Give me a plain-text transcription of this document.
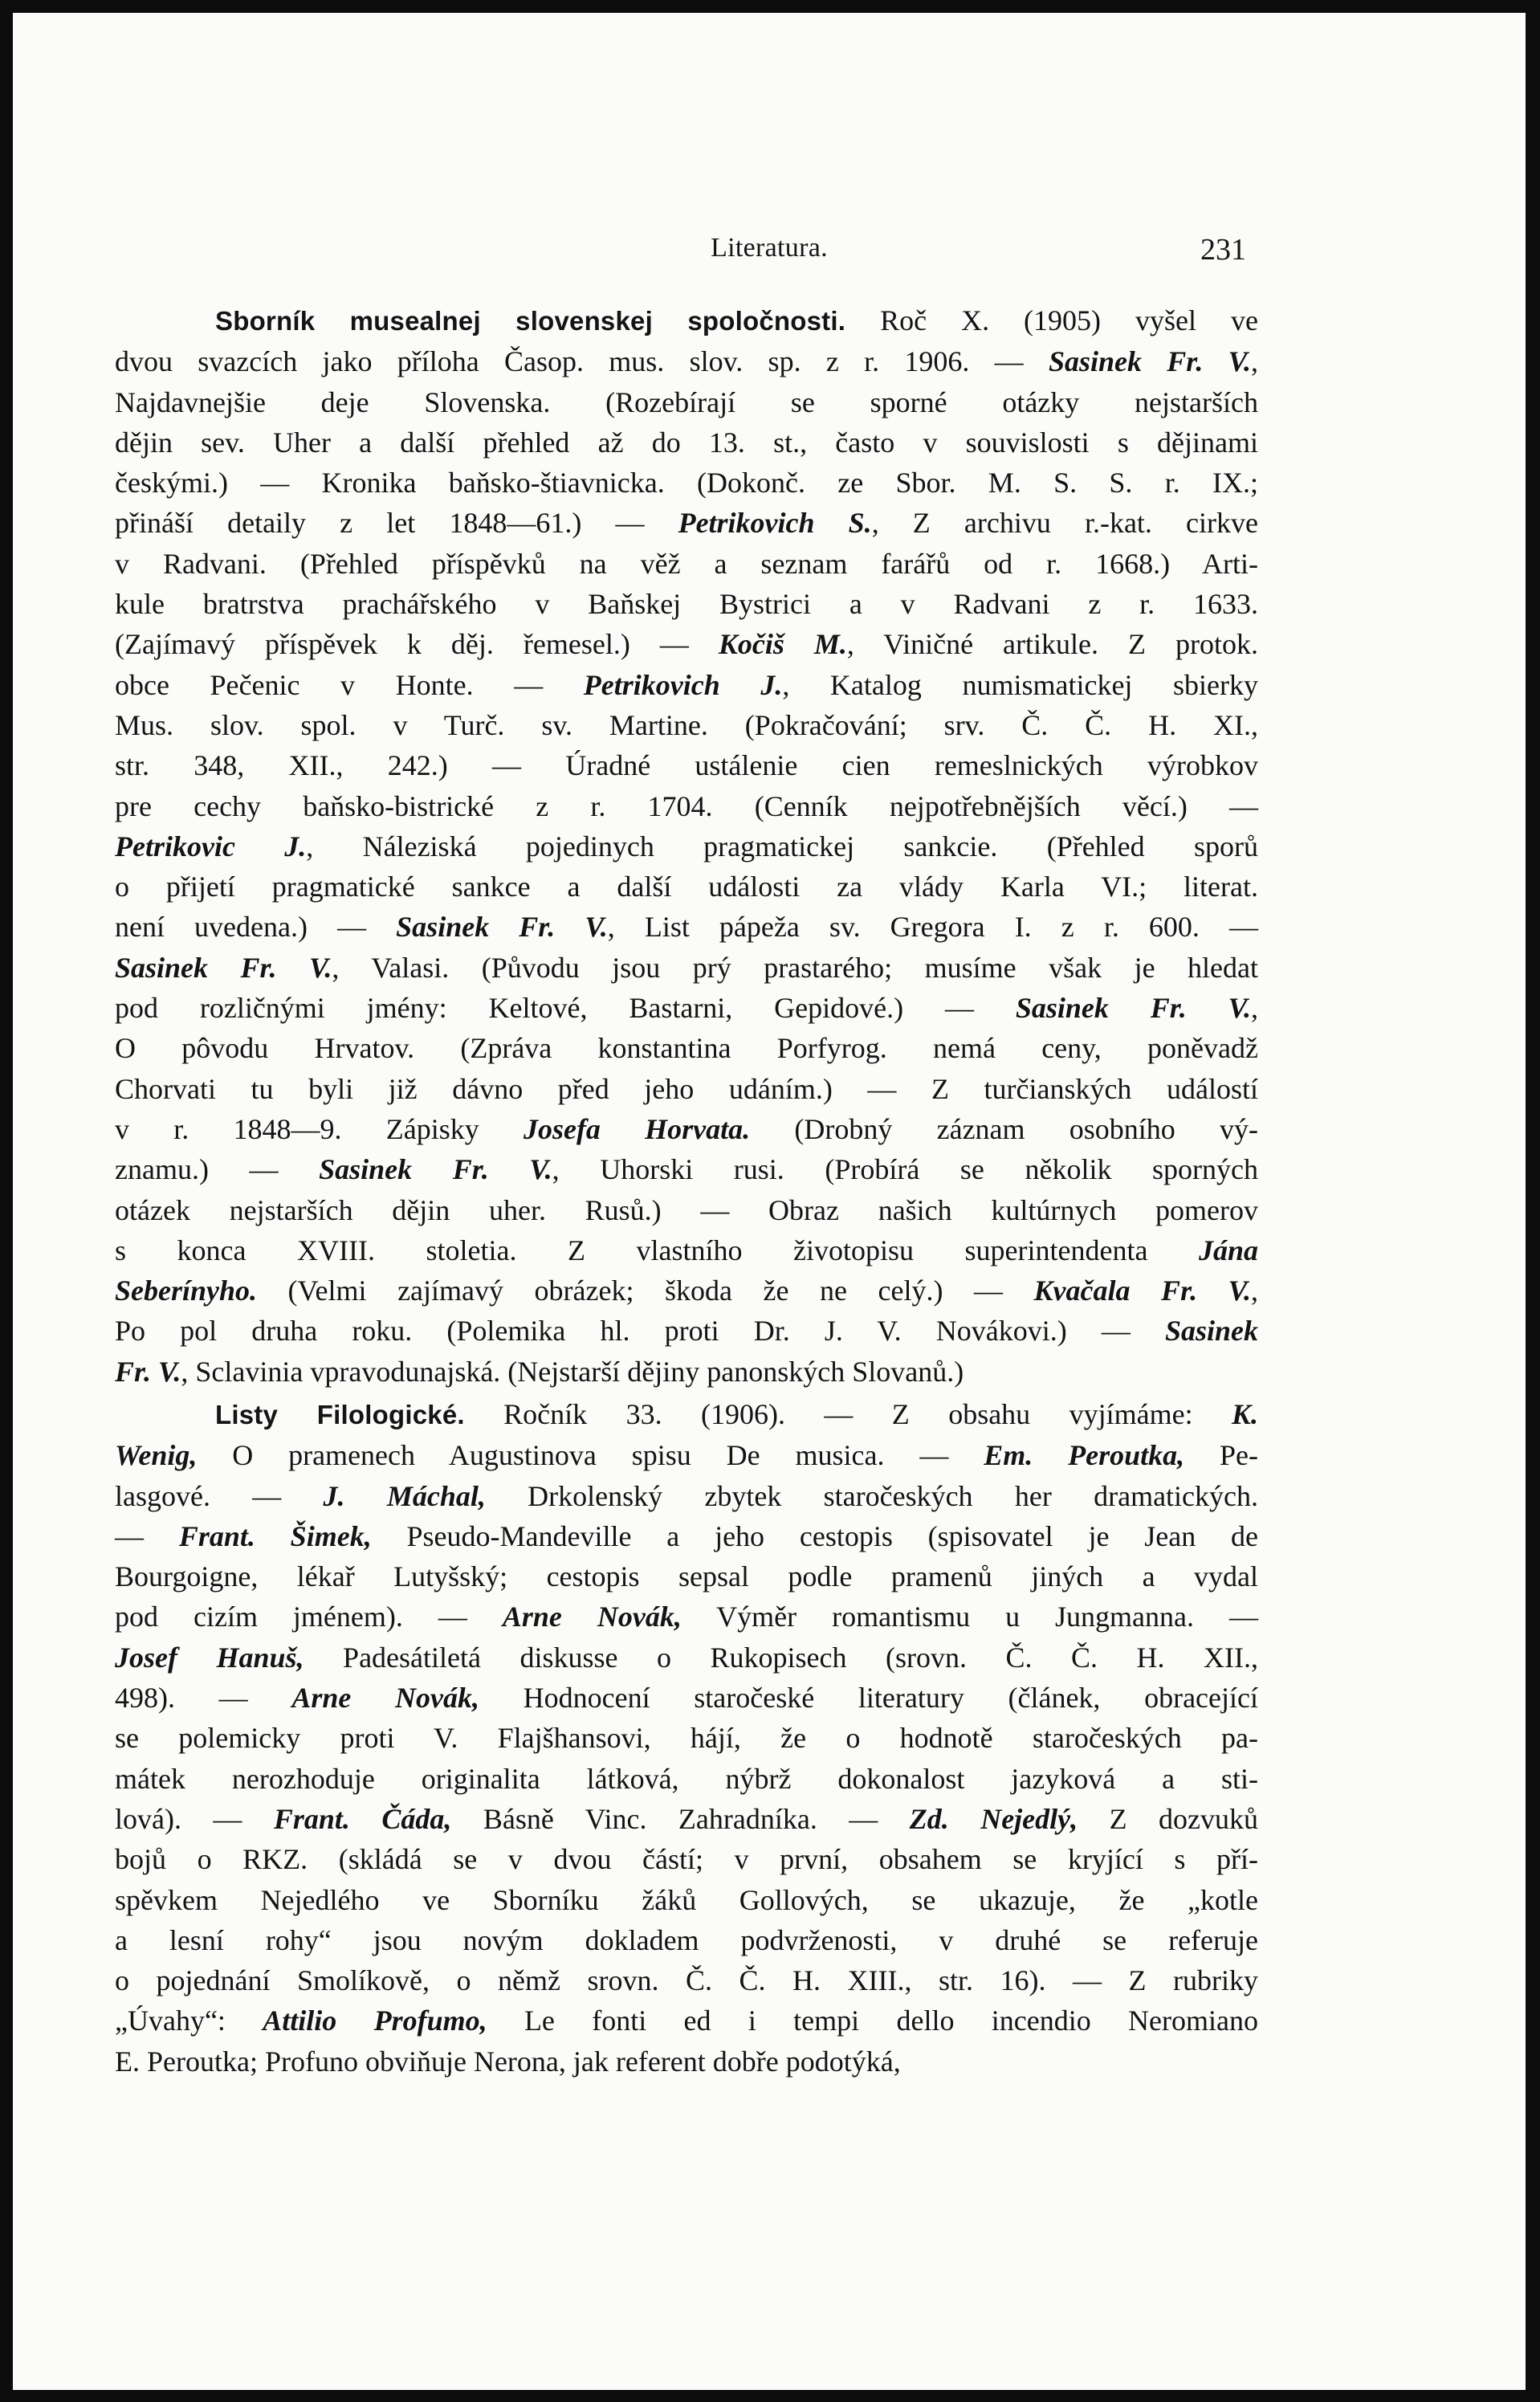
Literatura.	231

Sborník musealnej slovenskej spoločnosti. Roč X. (1905) vyšel ve
dvou svazcích jako příloha Časop. mus. slov. sp. z r. 1906. — Sasinek Fr. V.,
Najdavnejšie deje Slovenska. (Rozebírají se sporné otázky nejstarších
dějin sev. Uher a další přehled až do 13. st., často v souvislosti s dějinami
českými.) — Kronika baňsko-štiavnicka. (Dokonč. ze Sbor. M. S. S. r. IX.;
přináší detaily z let 1848—61.) — Petrikovich S., Z archivu r.-kat. cirkve
v Radvani. (Přehled příspěvků na věž a seznam farářů od r. 1668.) Arti-
kule bratrstva prachářského v Baňskej Bystrici a v Radvani z r. 1633.
(Zajímavý příspěvek k děj. řemesel.) — Kočiš M., Viničné artikule. Z protok.
obce Pečenic v Honte. — Petrikovich J., Katalog numismatickej sbierky
Mus. slov. spol. v Turč. sv. Martine. (Pokračování; srv. Č. Č. H. XI.,
str. 348, XII., 242.) — Úradné ustálenie cien remeslnických výrobkov
pre cechy baňsko-bistrické z r. 1704. (Cenník nejpotřebnějších věcí.) —
Petrikovic J., Náleziská pojedinych pragmatickej sankcie. (Přehled sporů
o přijetí pragmatické sankce a další události za vlády Karla VI.; literat.
není uvedena.) — Sasinek Fr. V., List pápeža sv. Gregora I. z r. 600. —
Sasinek Fr. V., Valasi. (Původu jsou prý prastarého; musíme však je hledat
pod rozličnými jmény: Keltové, Bastarni, Gepidové.) — Sasinek Fr. V.,
O pôvodu Hrvatov. (Zpráva konstantina Porfyrog. nemá ceny, poněvadž
Chorvati tu byli již dávno před jeho udáním.) — Z turčianských událostí
v r. 1848—9. Zápisky Josefa Horvata. (Drobný záznam osobního vý-
znamu.) — Sasinek Fr. V., Uhorski rusi. (Probírá se několik sporných
otázek nejstarších dějin uher. Rusů.) — Obraz našich kultúrnych pomerov
s konca XVIII. stoletia. Z vlastního životopisu superintendenta Jána
Seberínyho. (Velmi zajímavý obrázek; škoda že ne celý.) — Kvačala Fr. V.,
Po pol druha roku. (Polemika hl. proti Dr. J. V. Novákovi.) — Sasinek
Fr. V., Sclavinia vpravodunajská. (Nejstarší dějiny panonských Slovanů.)

Listy Filologické. Ročník 33. (1906). — Z obsahu vyjímáme: K.
Wenig, O pramenech Augustinova spisu De musica. — Em. Peroutka, Pe-
lasgové. — J. Máchal, Drkolenský zbytek staročeských her dramatických.
— Frant. Šimek, Pseudo-Mandeville a jeho cestopis (spisovatel je Jean de
Bourgoigne, lékař Lutyšský; cestopis sepsal podle pramenů jiných a vydal
pod cizím jménem). — Arne Novák, Výměr romantismu u Jungmanna. —
Josef Hanuš, Padesátiletá diskusse o Rukopisech (srovn. Č. Č. H. XII.,
498). — Arne Novák, Hodnocení staročeské literatury (článek, obracející
se polemicky proti V. Flajšhansovi, hájí, že o hodnotě staročeských pa-
mátek nerozhoduje originalita látková, nýbrž dokonalost jazyková a sti-
lová). — Frant. Čáda, Básně Vinc. Zahradníka. — Zd. Nejedlý, Z dozvuků
bojů o RKZ. (skládá se v dvou částí; v první, obsahem se kryjící s pří-
spěvkem Nejedlého ve Sborníku žáků Gollových, se ukazuje, že „kotle
a lesní rohy“ jsou novým dokladem podvrženosti, v druhé se referuje
o pojednání Smolíkově, o němž srovn. Č. Č. H. XIII., str. 16). — Z rubriky
„Úvahy“: Attilio Profumo, Le fonti ed i tempi dello incendio Neromiano
E. Peroutka; Profuno obviňuje Nerona, jak referent dobře podotýká,
